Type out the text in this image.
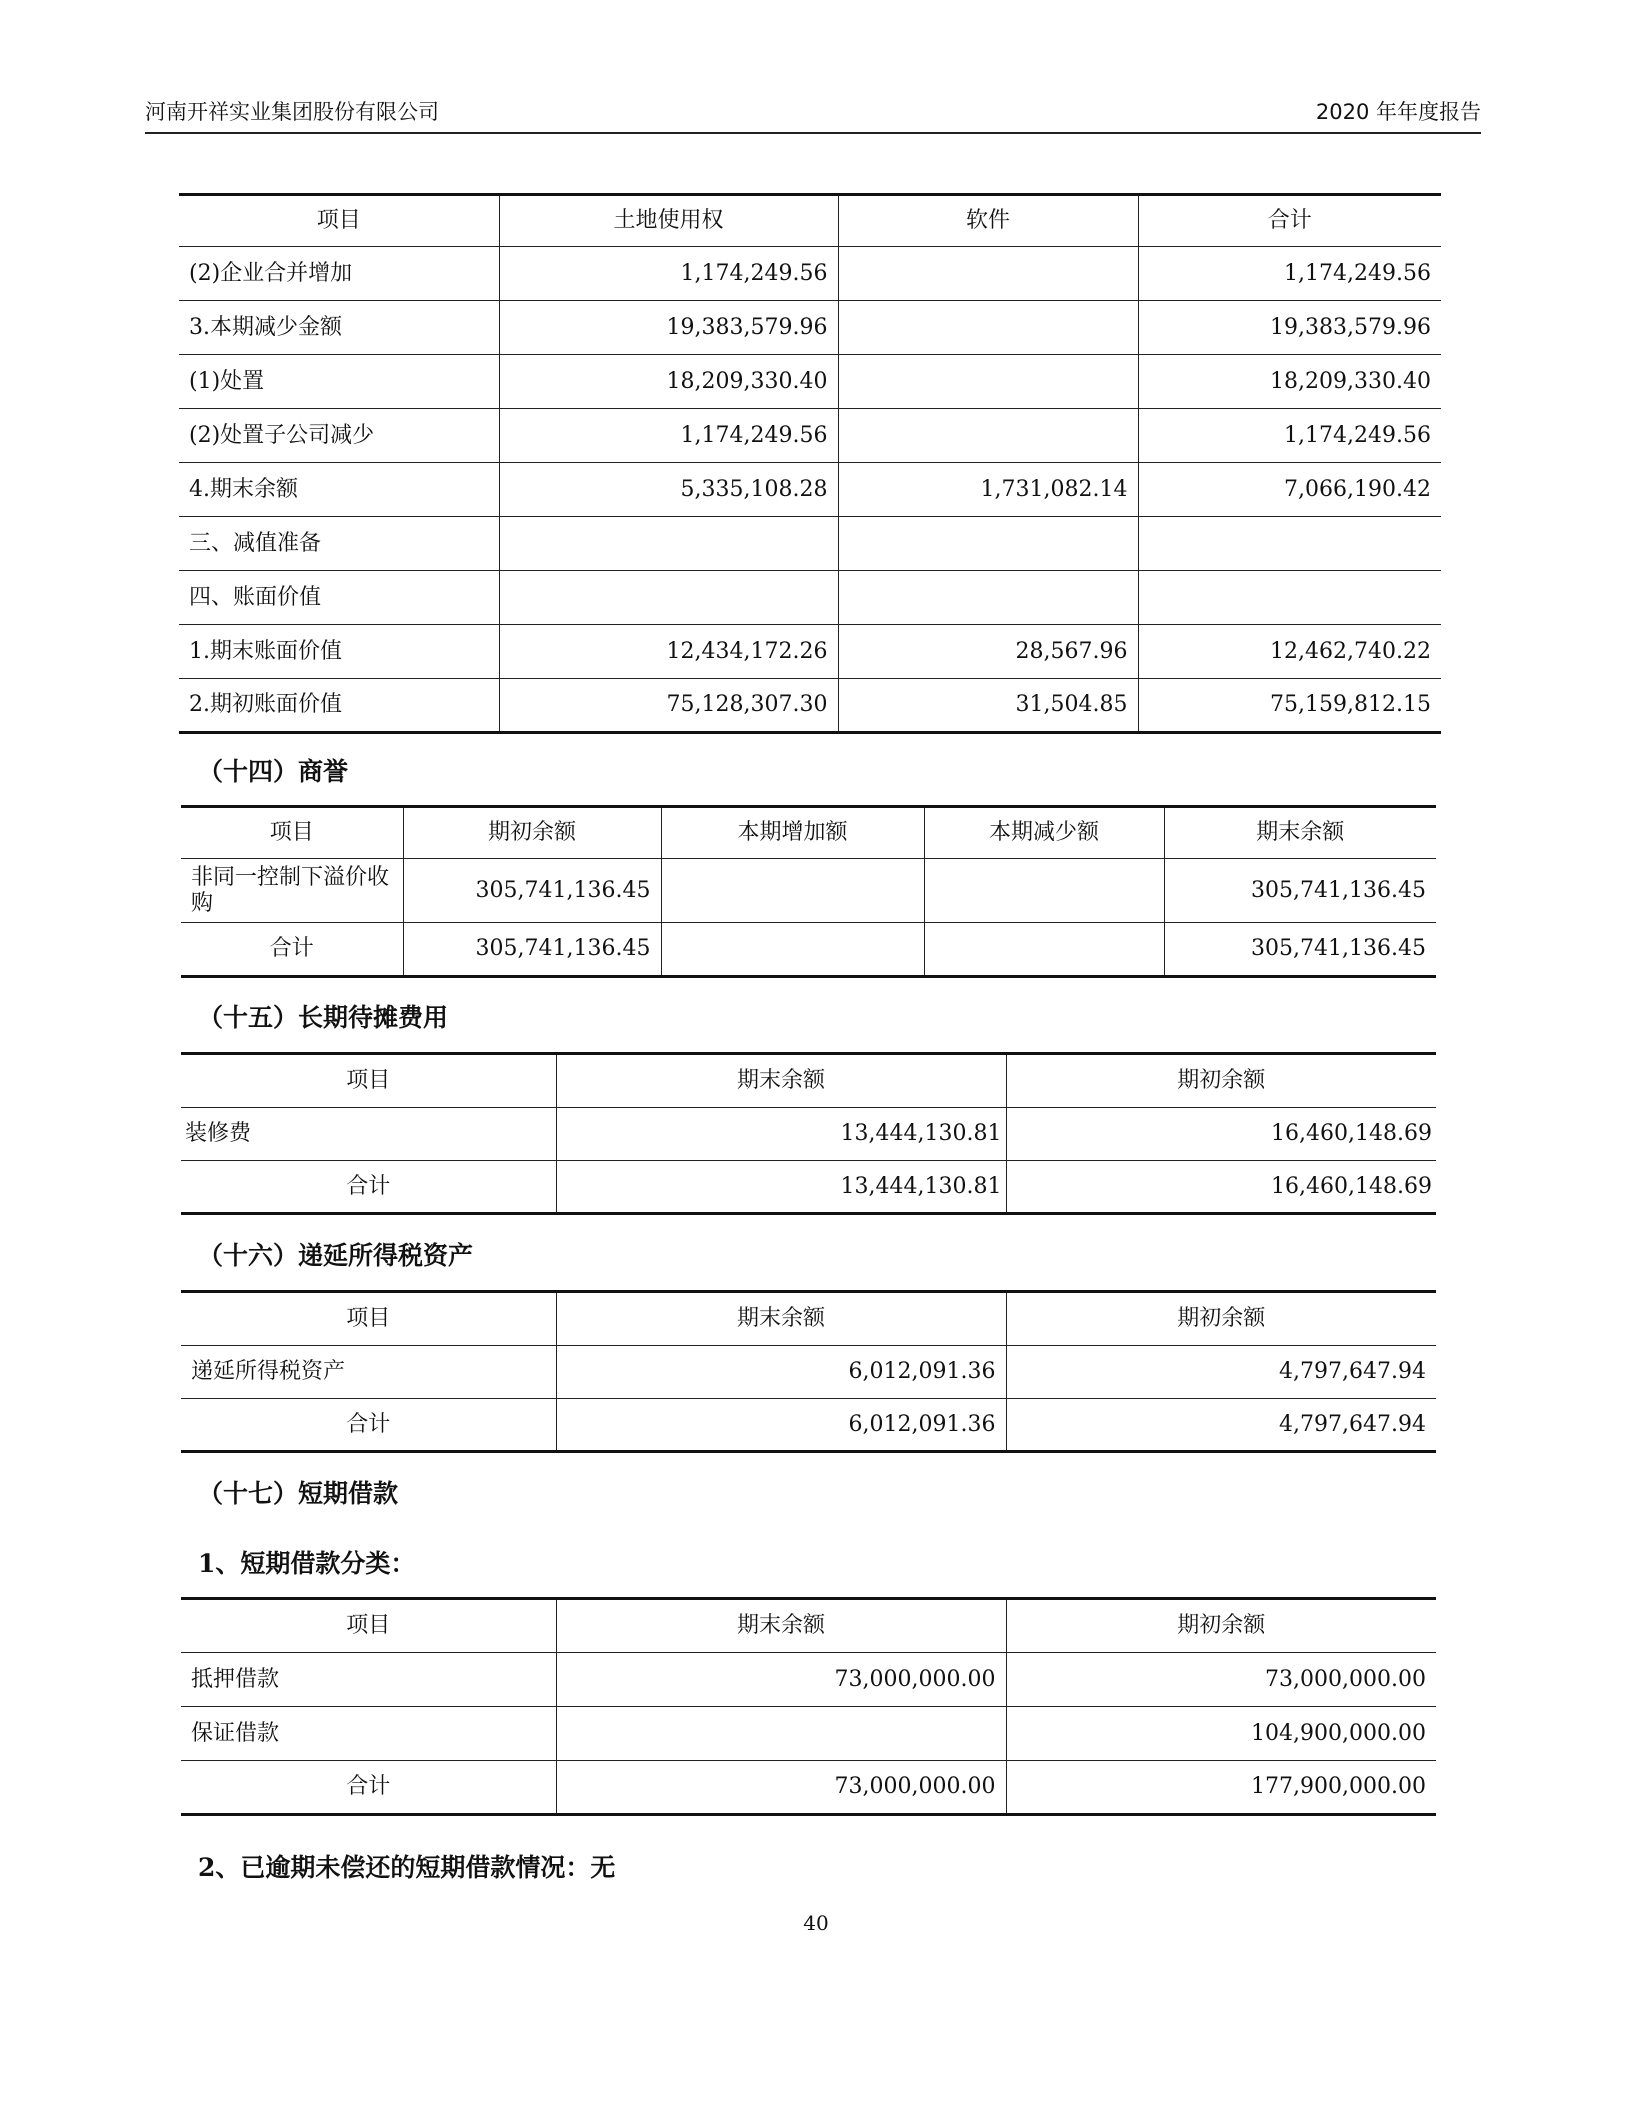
河南开祥实业集团股份有限公司	2020 年年度报告
项目	土地使用权	软件	合计
(2)企业合并增加	1,174,249.56		1,174,249.56
3.本期减少金额	19,383,579.96		19,383,579.96
(1)处置	18,209,330.40		18,209,330.40
(2)处置子公司减少	1,174,249.56		1,174,249.56
4.期末余额	5,335,108.28	1,731,082.14	7,066,190.42
三、减值准备			
四、账面价值			
1.期末账面价值	12,434,172.26	28,567.96	12,462,740.22
2.期初账面价值	75,128,307.30	31,504.85	75,159,812.15
（十四）商誉
项目	期初余额	本期增加额	本期减少额	期末余额
非同一控制下溢价收购	305,741,136.45			305,741,136.45
合计	305,741,136.45			305,741,136.45
（十五）长期待摊费用
项目	期末余额	期初余额
装修费	13,444,130.81	16,460,148.69
合计	13,444,130.81	16,460,148.69
（十六）递延所得税资产
项目	期末余额	期初余额
递延所得税资产	6,012,091.36	4,797,647.94
合计	6,012,091.36	4,797,647.94
（十七）短期借款
1、短期借款分类：
项目	期末余额	期初余额
抵押借款	73,000,000.00	73,000,000.00
保证借款		104,900,000.00
合计	73,000,000.00	177,900,000.00
2、已逾期未偿还的短期借款情况：无
40
